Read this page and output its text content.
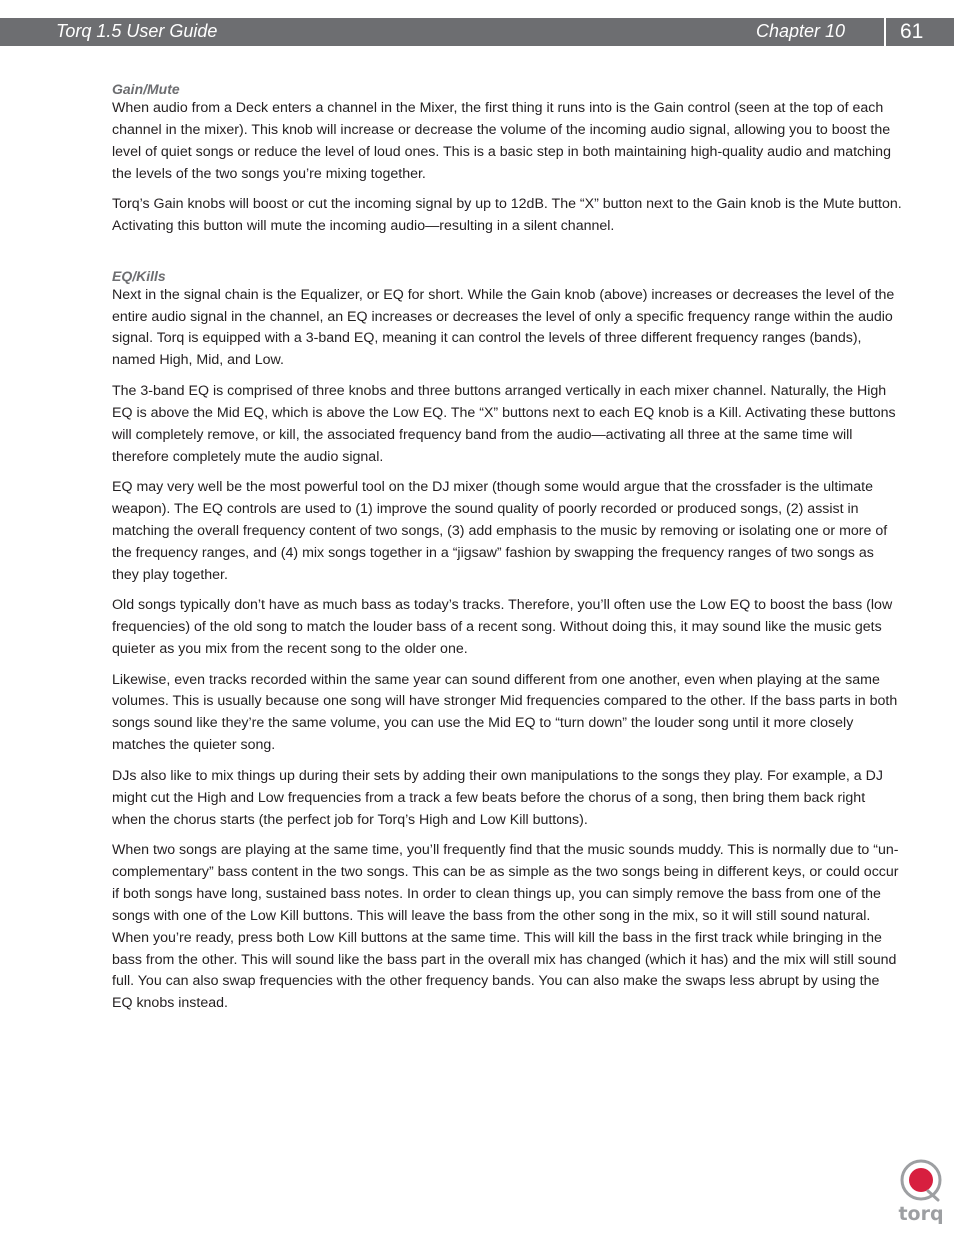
Torq 1.5 User Guide	Chapter 10	61
Gain/Mute

When audio from a Deck enters a channel in the Mixer, the first thing it runs into is the Gain control (seen at the top of each channel in the mixer). This knob will increase or decrease the volume of the incoming audio signal, allowing you to boost the level of quiet songs or reduce the level of loud ones. This is a basic step in both maintaining high-quality audio and matching the levels of the two songs you’re mixing together.

Torq’s Gain knobs will boost or cut the incoming signal by up to 12dB. The “X” button next to the Gain knob is the Mute button. Activating this button will mute the incoming audio—resulting in a silent channel.

EQ/Kills

Next in the signal chain is the Equalizer, or EQ for short. While the Gain knob (above) increases or decreases the level of the entire audio signal in the channel, an EQ increases or decreases the level of only a specific frequency range within the audio signal. Torq is equipped with a 3-band EQ, meaning it can control the levels of three different frequency ranges (bands), named High, Mid, and Low.

The 3-band EQ is comprised of three knobs and three buttons arranged vertically in each mixer channel. Naturally, the High EQ is above the Mid EQ, which is above the Low EQ. The “X” buttons next to each EQ knob is a Kill. Activating these buttons will completely remove, or kill, the associated frequency band from the audio—activating all three at the same time will therefore completely mute the audio signal.

EQ may very well be the most powerful tool on the DJ mixer (though some would argue that the crossfader is the ultimate weapon). The EQ controls are used to (1) improve the sound quality of poorly recorded or produced songs, (2) assist in matching the overall frequency content of two songs, (3) add emphasis to the music by removing or isolating one or more of the frequency ranges, and (4) mix songs together in a “jigsaw” fashion by swapping the frequency ranges of two songs as they play together.

Old songs typically don’t have as much bass as today’s tracks. Therefore, you’ll often use the Low EQ to boost the bass (low frequencies) of the old song to match the louder bass of a recent song. Without doing this, it may sound like the music gets quieter as you mix from the recent song to the older one.

Likewise, even tracks recorded within the same year can sound different from one another, even when playing at the same volumes. This is usually because one song will have stronger Mid frequencies compared to the other. If the bass parts in both songs sound like they’re the same volume, you can use the Mid EQ to “turn down” the louder song until it more closely matches the quieter song.

DJs also like to mix things up during their sets by adding their own manipulations to the songs they play. For example, a DJ might cut the High and Low frequencies from a track a few beats before the chorus of a song, then bring them back right when the chorus starts (the perfect job for Torq’s High and Low Kill buttons).

When two songs are playing at the same time, you’ll frequently find that the music sounds muddy. This is normally due to “un-complementary” bass content in the two songs. This can be as simple as the two songs being in different keys, or could occur if both songs have long, sustained bass notes. In order to clean things up, you can simply remove the bass from one of the songs with one of the Low Kill buttons. This will leave the bass from the other song in the mix, so it will still sound natural. When you’re ready, press both Low Kill buttons at the same time. This will kill the bass in the first track while bringing in the bass from the other. This will sound like the bass part in the overall mix has changed (which it has) and the mix will still sound full. You can also swap frequencies with the other frequency bands. You can also make the swaps less abrupt by using the EQ knobs instead.

torq
